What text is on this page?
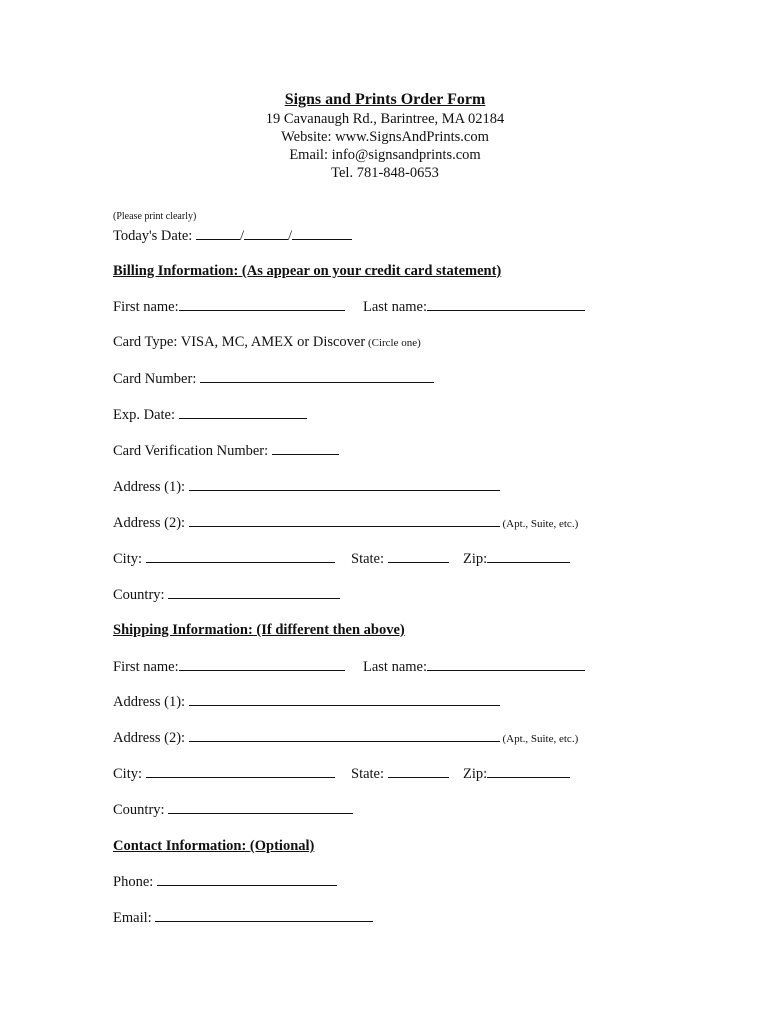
Signs and Prints Order Form
19 Cavanaugh Rd., Barintree, MA 02184
Website: www.SignsAndPrints.com
Email: info@signsandprints.com
Tel. 781-848-0653
(Please print clearly)
Today's Date:	/	/
Billing Information: (As appear on your credit card statement)
First name:	Last name:
Card Type: VISA, MC, AMEX or Discover (Circle one)
Card Number:
Exp. Date:
Card Verification Number:
Address (1):
Address (2):	(Apt., Suite, etc.)
City:	State:	Zip:
Country:
Shipping Information: (If different then above)
First name:	Last name:
Address (1):
Address (2):	(Apt., Suite, etc.)
City:	State:	Zip:
Country:
Contact Information: (Optional)
Phone:
Email:
